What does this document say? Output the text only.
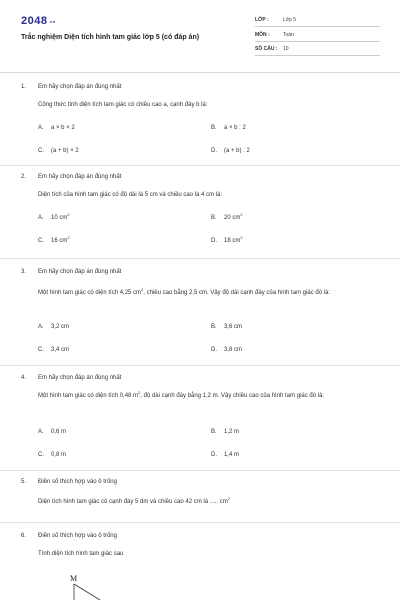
2048.vn
Trắc nghiệm Diện tích hình tam giác lớp 5 (có đáp án)
LỚP :	Lớp 5
MÔN :	Toán
SỐ CÂU : 10
1. Em hãy chọn đáp án đúng nhất
Công thức tính diện tích tam giác có chiều cao a, cạnh đáy b là:
A. a × b × 2	B. a × b : 2
C. (a + b) × 2	D. (a + b) : 2
2. Em hãy chọn đáp án đúng nhất
Diện tích của hình tam giác có độ dài là 5 cm và chiều cao là 4 cm là:
A. 10 $cm^2$
B. 20 $cm^2$
C. 16 $cm^2$
D. 18 $cm^2$
3. Em hãy chọn đáp án đúng nhất
Một hình tam giác có diện tích 4,25 $cm^2$, chiều cao bằng 2,5 cm. Vậy độ dài cạnh đáy của hình tam giác đó là:
A. 3,2 cm	B. 3,6 cm
C. 3,4 cm	D. 3,8 cm
4. Em hãy chọn đáp án đúng nhất
Một hình tam giác có diện tích 0,48 $m^2$, độ dài cạnh đáy bằng 1,2 m. Vậy chiều cao của hình tam giác đó là:
A. 0,6 m	B. 1,2 m
C. 0,8 m	D. 1,4 m
5. Điền số thích hợp vào ô trống
Diện tích hình tam giác có cạnh đáy 5 dm và chiều cao 42 cm là ..... $cm^2$
6. Điền số thích hợp vào ô trống
Tính diện tích hình tam giác sau
M
